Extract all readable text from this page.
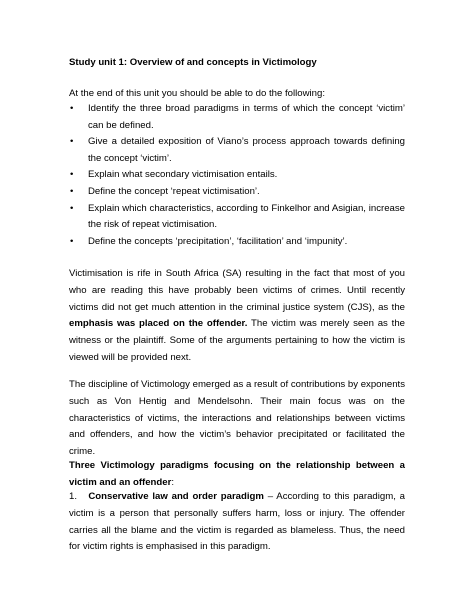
Study unit 1: Overview of and concepts in Victimology
At the end of this unit you should be able to do the following:
• Identify the three broad paradigms in terms of which the concept ‘victim’ can be defined.
• Give a detailed exposition of Viano’s process approach towards defining the concept ‘victim’.
• Explain what secondary victimisation entails.
• Define the concept ‘repeat victimisation’.
• Explain which characteristics, according to Finkelhor and Asigian, increase the risk of repeat victimisation.
• Define the concepts ‘precipitation’, ‘facilitation’ and ‘impunity’.

Victimisation is rife in South Africa (SA) resulting in the fact that most of you who are reading this have probably been victims of crimes. Until recently victims did not get much attention in the criminal justice system (CJS), as the emphasis was placed on the offender. The victim was merely seen as the witness or the plaintiff. Some of the arguments pertaining to how the victim is viewed will be provided next.

The discipline of Victimology emerged as a result of contributions by exponents such as Von Hentig and Mendelsohn. Their main focus was on the characteristics of victims, the interactions and relationships between victims and offenders, and how the victim’s behavior precipitated or facilitated the crime.

Three Victimology paradigms focusing on the relationship between a victim and an offender:

1. Conservative law and order paradigm – According to this paradigm, a victim is a person that personally suffers harm, loss or injury. The offender carries all the blame and the victim is regarded as blameless. Thus, the need for victim rights is emphasised in this paradigm.
